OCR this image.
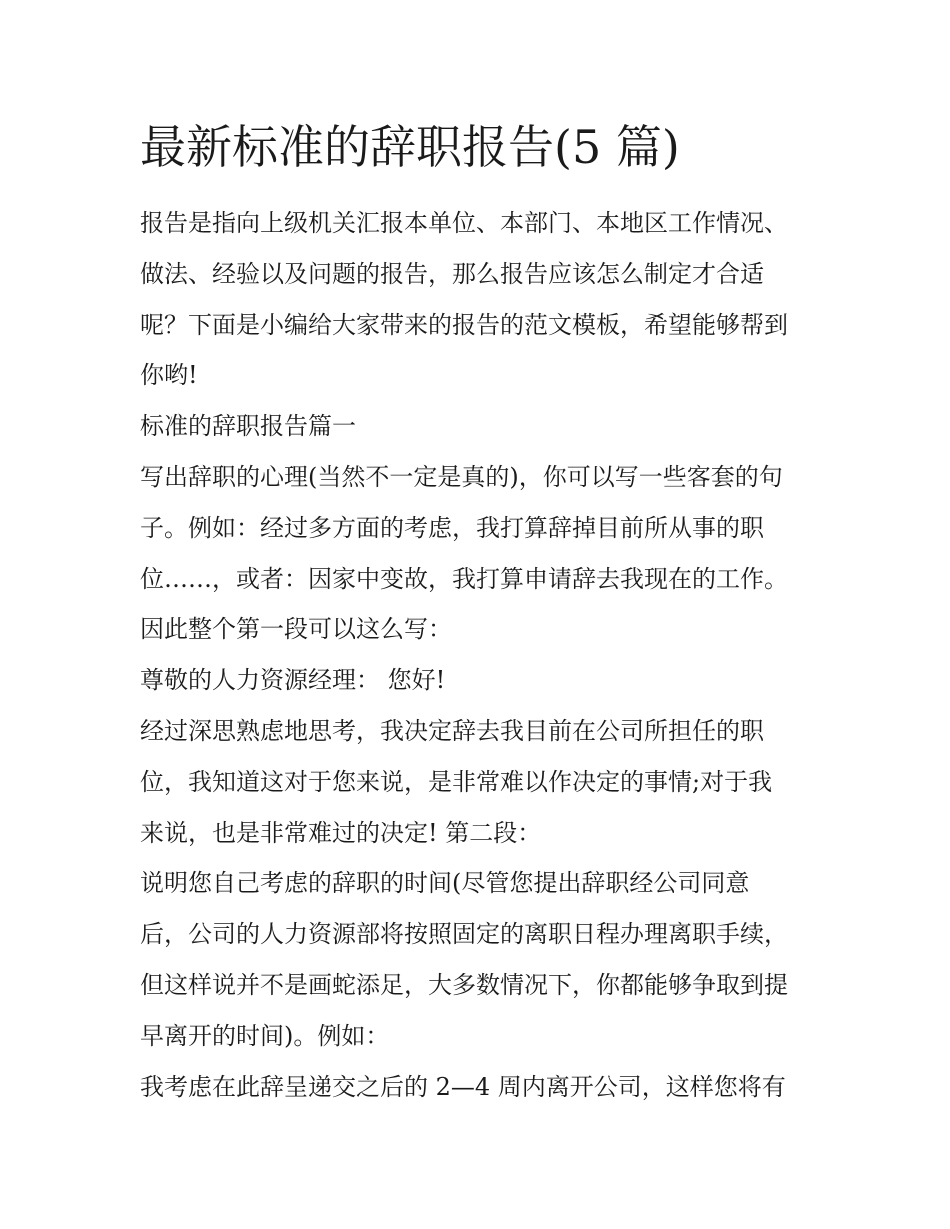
最新标准的辞职报告(5 篇)

报告是指向上级机关汇报本单位、本部门、本地区工作情况、

做法、经验以及问题的报告，那么报告应该怎么制定才合适

呢？下面是小编给大家带来的报告的范文模板，希望能够帮到

你哟!

标准的辞职报告篇一

写出辞职的心理(当然不一定是真的)，你可以写一些客套的句

子。例如：经过多方面的考虑，我打算辞掉目前所从事的职

位……，或者：因家中变故，我打算申请辞去我现在的工作。

因此整个第一段可以这么写：

尊敬的人力资源经理： 您好!

经过深思熟虑地思考，我决定辞去我目前在公司所担任的职

位，我知道这对于您来说，是非常难以作决定的事情;对于我

来说，也是非常难过的决定! 第二段：

说明您自己考虑的辞职的时间(尽管您提出辞职经公司同意

后，公司的人力资源部将按照固定的离职日程办理离职手续，

但这样说并不是画蛇添足，大多数情况下，你都能够争取到提

早离开的时间)。例如：

我考虑在此辞呈递交之后的 2—4 周内离开公司，这样您将有
